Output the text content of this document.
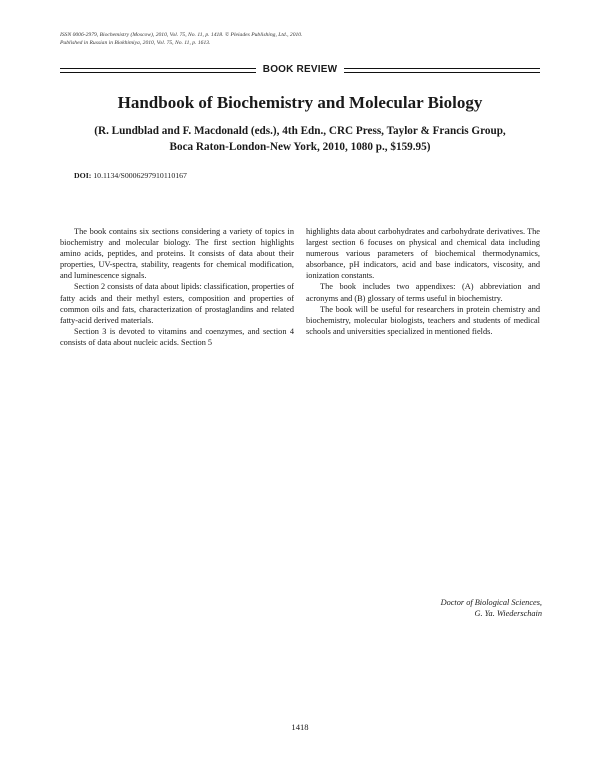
ISSN 0006-2979, Biochemistry (Moscow), 2010, Vol. 75, No. 11, p. 1418. © Pleiades Publishing, Ltd., 2010.
Published in Russian in Biokhimiya, 2010, Vol. 75, No. 11, p. 1613.
BOOK REVIEW
Handbook of Biochemistry and Molecular Biology
(R. Lundblad and F. Macdonald (eds.), 4th Edn., CRC Press, Taylor & Francis Group,
Boca Raton-London-New York, 2010, 1080 p., $159.95)
DOI: 10.1134/S0006297910110167

The book contains six sections considering a variety of topics in biochemistry and molecular biology. The first section highlights amino acids, peptides, and proteins. It consists of data about their properties, UV-spectra, stability, reagents for chemical modification, and luminescence signals.

Section 2 consists of data about lipids: classification, properties of fatty acids and their methyl esters, composition and properties of common oils and fats, characterization of prostaglandins and related fatty-acid derived materials.

Section 3 is devoted to vitamins and coenzymes, and section 4 consists of data about nucleic acids. Section 5

highlights data about carbohydrates and carbohydrate derivatives. The largest section 6 focuses on physical and chemical data including numerous various parameters of biochemical thermodynamics, absorbance, pH indicators, acid and base indicators, viscosity, and ionization constants.

The book includes two appendixes: (A) abbreviation and acronyms and (B) glossary of terms useful in biochemistry.

The book will be useful for researchers in protein chemistry and biochemistry, molecular biologists, teachers and students of medical schools and universities specialized in mentioned fields.

Doctor of Biological Sciences,
G. Ya. Wiederschain
1418
